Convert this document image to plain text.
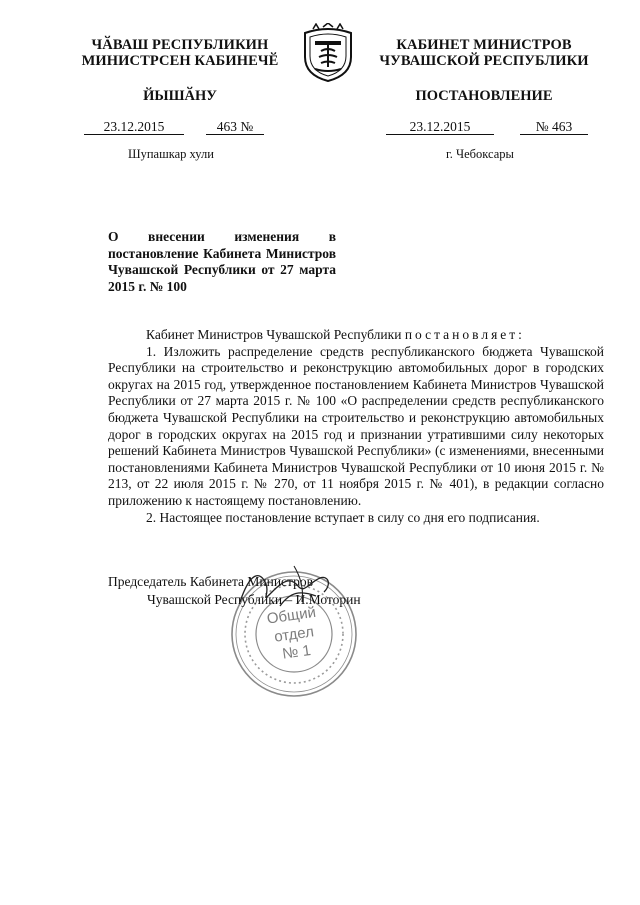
ЧӐВАШ РЕСПУБЛИКИН
МИНИСТРСЕН КАБИНЕЧӖ
ЙЫШӐНУ
КАБИНЕТ МИНИСТРОВ
ЧУВАШСКОЙ РЕСПУБЛИКИ
ПОСТАНОВЛЕНИЕ
23.12.2015	463 №
Шупашкар хули
23.12.2015	№ 463
г. Чебоксары
О внесении изменения в постановление Кабинета Министров Чувашской Республики от 27 марта 2015 г. № 100

Кабинет Министров Чувашской Республики постановляет:

1. Изложить распределение средств республиканского бюджета Чувашской Республики на строительство и реконструкцию автомобильных дорог в городских округах на 2015 год, утвержденное постановлением Кабинета Министров Чувашской Республики от 27 марта 2015 г. № 100 «О распределении средств республиканского бюджета Чувашской Республики на строительство и реконструкцию автомобильных дорог в городских округах на 2015 год и признании утратившими силу некоторых решений Кабинета Министров Чувашской Республики» (с изменениями, внесенными постановлениями Кабинета Министров Чувашской Республики от 10 июня 2015 г. № 213, от 22 июля 2015 г. № 270, от 11 ноября 2015 г. № 401), в редакции согласно приложению к настоящему постановлению.

2. Настоящее постановление вступает в силу со дня его подписания.

Общий
отдел
№ 1
Председатель Кабинета Министров
Чувашской Республики – И.Моторин
